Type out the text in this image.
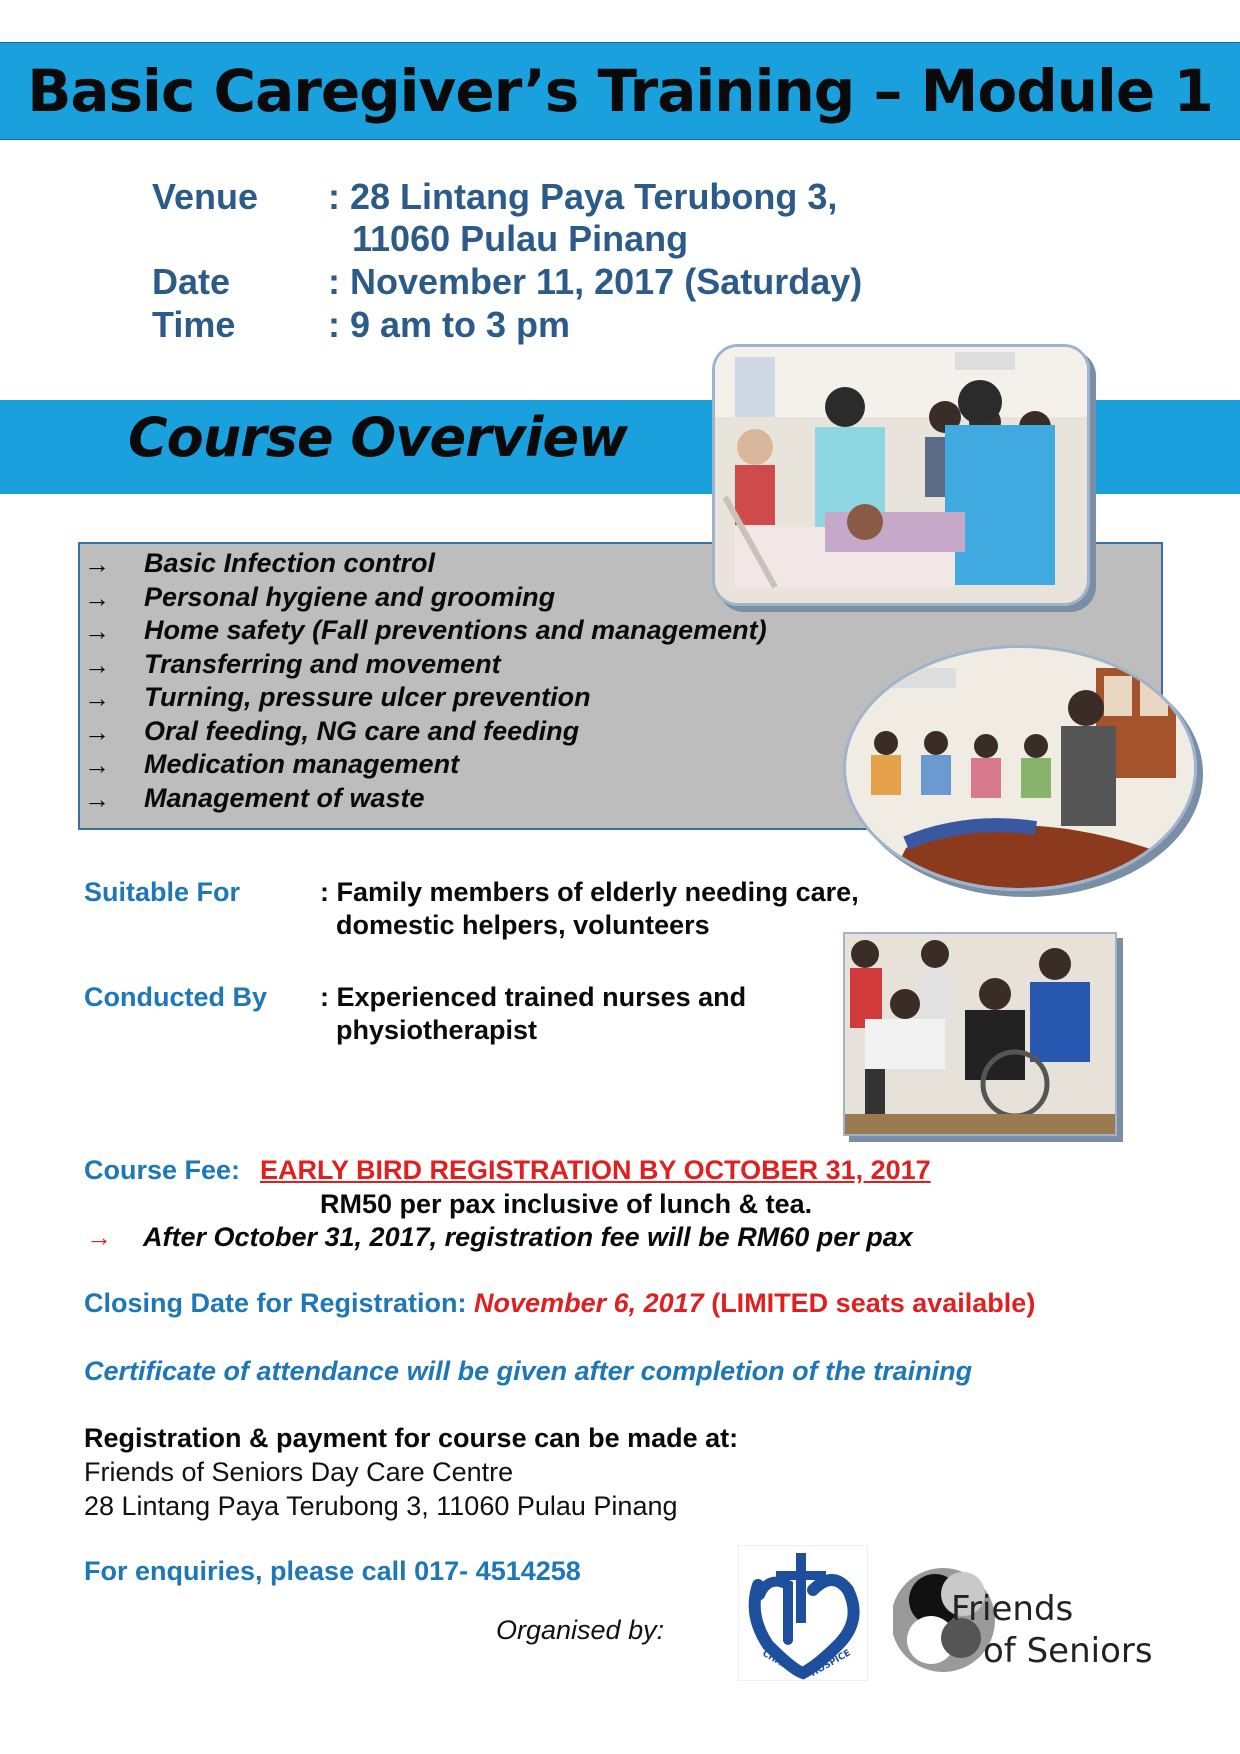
Basic Caregiver’s Training – Module 1
Venue : 28 Lintang Paya Terubong 3,
11060 Pulau Pinang
Date	: November 11, 2017 (Saturday)
Time	: 9 am to 3 pm
Course Overview
→ Basic Infection control
→ Personal hygiene and grooming
→ Home safety (Fall preventions and management)
→ Transferring and movement
→ Turning, pressure ulcer prevention
→ Oral feeding, NG care and feeding
→ Medication management
→ Management of waste
Suitable For	: Family members of elderly needing care,
domestic helpers, volunteers
Conducted By : Experienced trained nurses and
physiotherapist
Course Fee: EARLY BIRD REGISTRATION BY OCTOBER 31, 2017
RM50 per pax inclusive of lunch & tea.
→ After October 31, 2017, registration fee will be RM60 per pax
Closing Date for Registration: November 6, 2017 (LIMITED seats available)
Certificate of attendance will be given after completion of the training
Registration & payment for course can be made at:
Friends of Seniors Day Care Centre
28 Lintang Paya Terubong 3, 11060 Pulau Pinang
For enquiries, please call 017- 4514258
Organised by:
CHARIS HOSPICE
Friends
of Seniors
